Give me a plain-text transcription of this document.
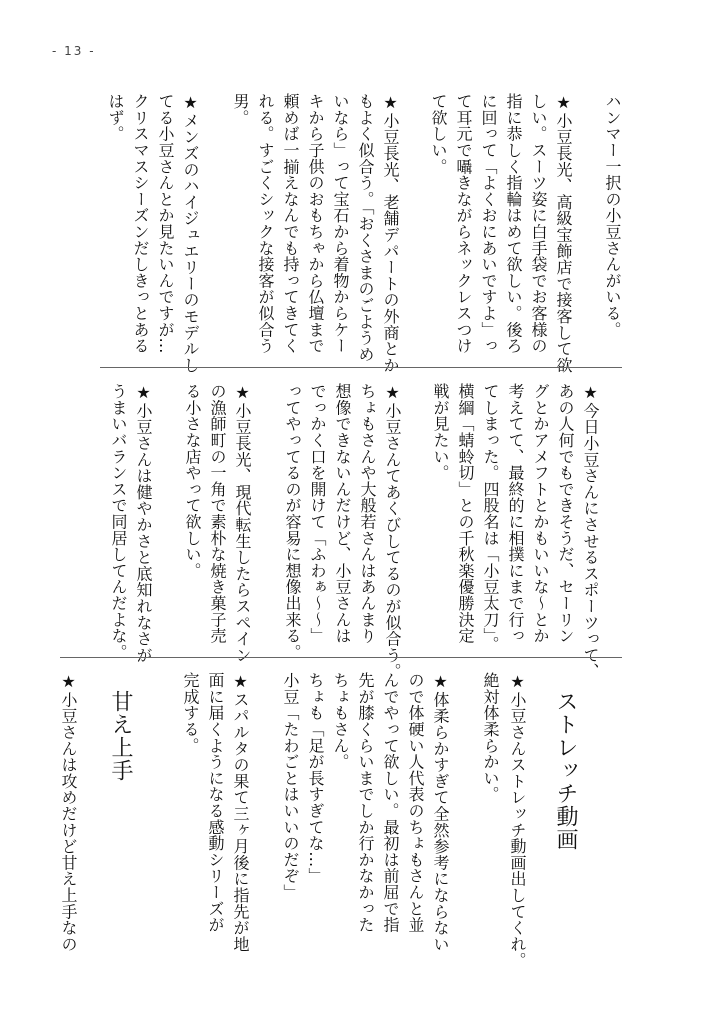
- 13 -
ハンマー一択の小豆さんがいる。
★小豆長光、高級宝飾店で接客して欲
しい。スーツ姿に白手袋でお客様の
指に恭しく指輪はめて欲しい。後ろ
に回って「よくおにあいですよ」っ
て耳元で囁きながらネックレスつけ
て欲しい。
★小豆長光、老舗デパートの外商とか
もよく似合う。「おくさまのごようめ
いなら」って宝石から着物からケー
キから子供のおもちゃから仏壇まで
頼めば一揃えなんでも持ってきてく
れる。すごくシックな接客が似合う
男。
★メンズのハイジュエリーのモデルし
てる小豆さんとか見たいんですが…
クリスマスシーズンだしきっとある
はず。
★今日小豆さんにさせるスポーツって、
あの人何でもできそうだ、セーリン
グとかアメフトとかもいいな～とか
考えてて、最終的に相撲にまで行っ
てしまった。四股名は「小豆太刀」。
横綱「蜻蛉切」との千秋楽優勝決定
戦が見たい。
★小豆さんてあくびしてるのが似合う。
ちょもさんや大般若さんはあんまり
想像できないんだけど、小豆さんは
でっかく口を開けて「ふわぁ～～」
ってやってるのが容易に想像出来る。
★小豆長光、現代転生したらスペイン
の漁師町の一角で素朴な焼き菓子売
る小さな店やって欲しい。
★小豆さんは健やかさと底知れなさが
うまいバランスで同居してんだよな。
ストレッチ動画
★小豆さんストレッチ動画出してくれ。
絶対体柔らかい。
★体柔らかすぎて全然参考にならない
ので体硬い人代表のちょもさんと並
んでやって欲しい。最初は前屈で指
先が膝くらいまでしか行かなかった
ちょもさん。
ちょも「足が長すぎてな…」
小豆「たわごとはいいのだぞ」
★スパルタの果て三ヶ月後に指先が地
面に届くようになる感動シリーズが
完成する。
甘え上手
★小豆さんは攻めだけど甘え上手なの
